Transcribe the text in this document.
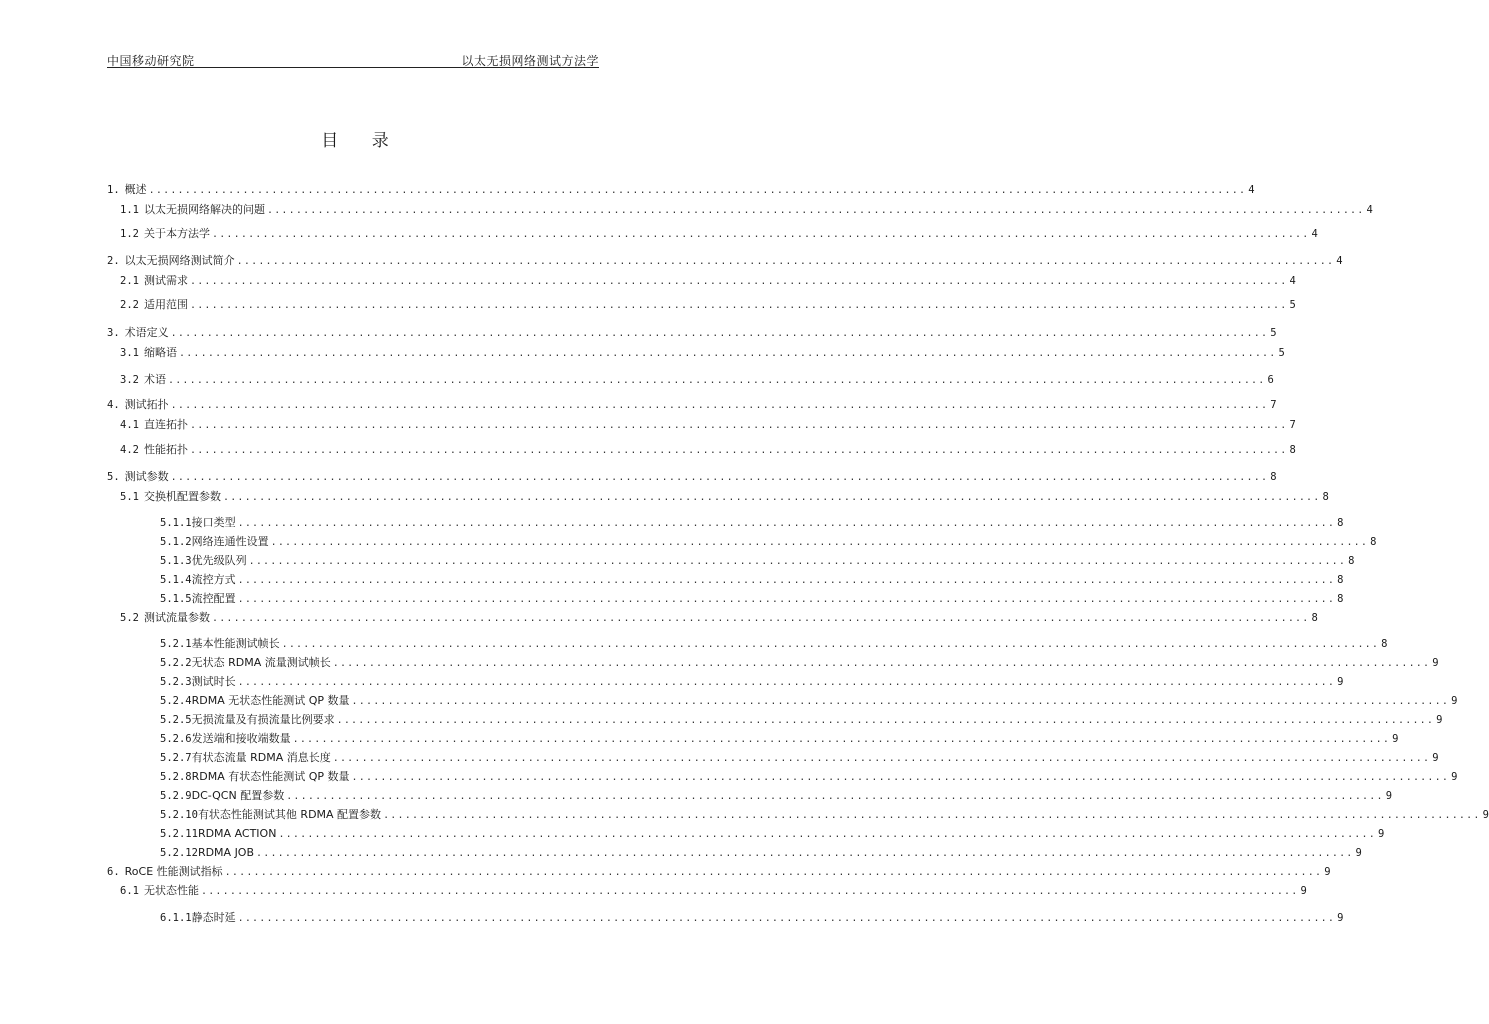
中国移动研究院	以太无损网络测试方法学
目 录
1. 概述 .....	4
1.1 以太无损网络解决的问题 .....	4
1.2 关于本方法学 .....	4
2. 以太无损网络测试简介 .....	4
2.1 测试需求 .....	4
2.2 适用范围 .....	5
3. 术语定义 .....	5
3.1 缩略语 .....	5
3.2 术语 .....	6
4. 测试拓扑 .....	7
4.1 直连拓扑 .....	7
4.2 性能拓扑 .....	8
5. 测试参数 .....	8
5.1 交换机配置参数 .....	8
5.1.1 接口类型 .....	8
5.1.2 网络连通性设置 .....	8
5.1.3 优先级队列 .....	8
5.1.4 流控方式 .....	8
5.1.5 流控配置 .....	8
5.2 测试流量参数 .....	8
5.2.1 基本性能测试帧长 .....	8
5.2.2 无状态 RDMA 流量测试帧长 .....	9
5.2.3 测试时长 .....	9
5.2.4 RDMA 无状态性能测试 QP 数量 .....	9
5.2.5 无损流量及有损流量比例要求 .....	9
5.2.6 发送端和接收端数量 .....	9
5.2.7 有状态流量 RDMA 消息长度 .....	9
5.2.8 RDMA 有状态性能测试 QP 数量 .....	9
5.2.9 DC-QCN 配置参数 .....	9
5.2.10 有状态性能测试其他 RDMA 配置参数 .....	9
5.2.11 RDMA ACTION .....	9
5.2.12 RDMA JOB .....	9
6. RoCE 性能测试指标 .....	9
6.1 无状态性能 .....	9
6.1.1 静态时延 .....	9
